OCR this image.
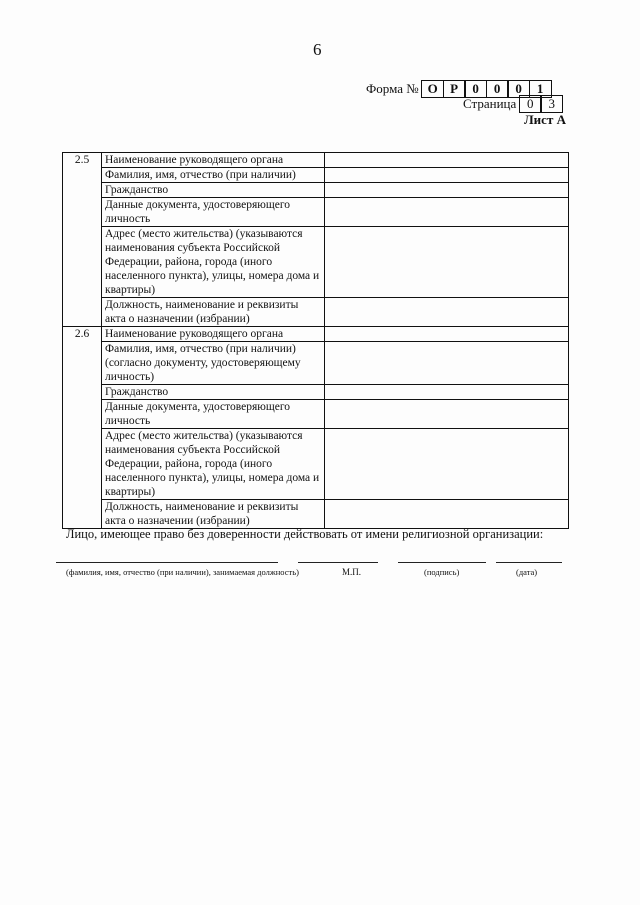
6
Форма № О Р	0	0	0	1
Страница 0	3
Лист А
2.5	Наименование руководящего органа	
	Фамилия, имя, отчество (при наличии)	
	Гражданство	
	Данные документа, удостоверяющего личность	
	Адрес (место жительства) (указываются наименования субъекта Российской Федерации, района, города (иного населенного пункта), улицы, номера дома и квартиры)	
	Должность, наименование и реквизиты акта о назначении (избрании)	
2.6	Наименование руководящего органа	
	Фамилия, имя, отчество (при наличии) (согласно документу, удостоверяющему личность)	
	Гражданство	
	Данные документа, удостоверяющего личность	
	Адрес (место жительства) (указываются наименования субъекта Российской Федерации, района, города (иного населенного пункта), улицы, номера дома и квартиры)	
	Должность, наименование и реквизиты акта о назначении (избрании)	
Лицо, имеющее право без доверенности действовать от имени религиозной организации:
(фамилия, имя, отчество (при наличии), занимаемая должность)	М.П.	(подпись)	(дата)
